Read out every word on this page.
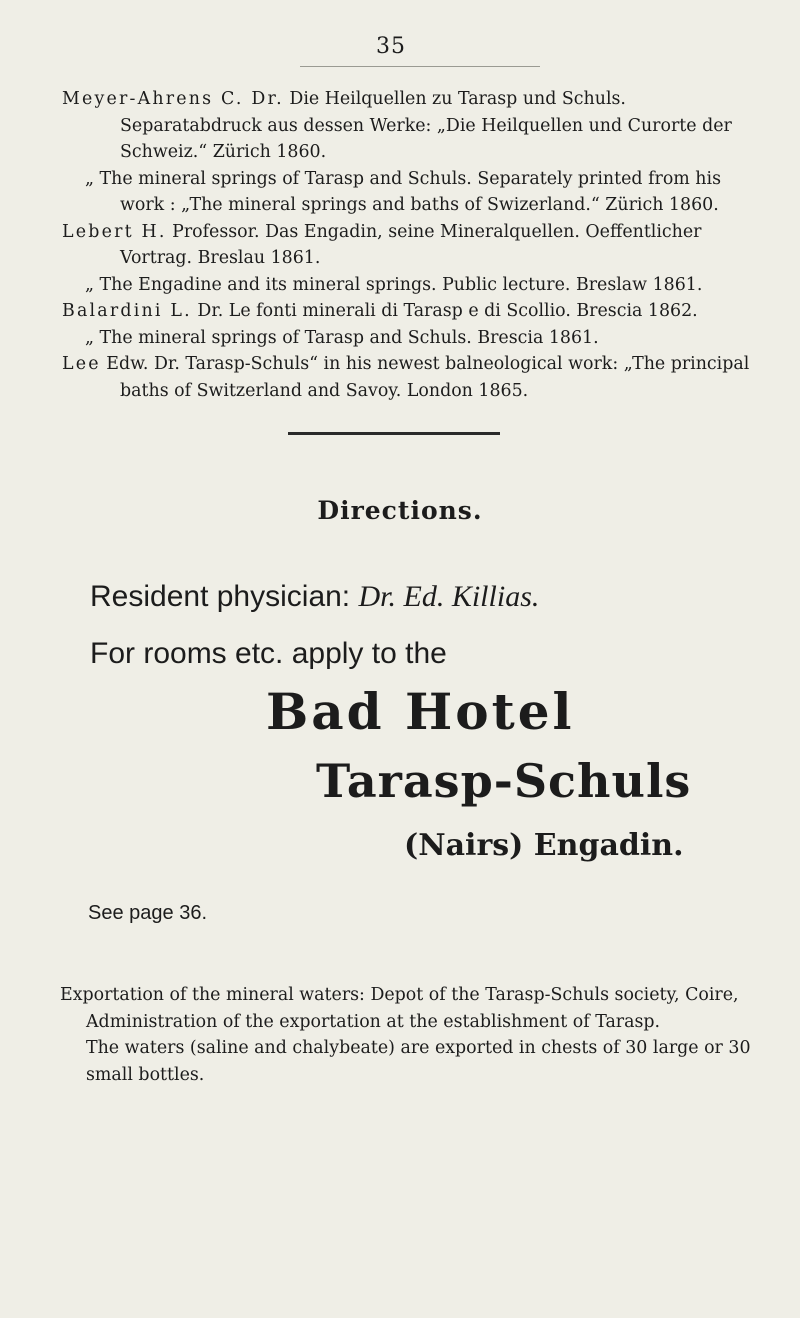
35
Meyer-Ahrens C. Dr. Die Heilquellen zu Tarasp und Schuls. Separatabdruck aus dessen Werke: „Die Heilquellen und Curorte der Schweiz.“ Zürich 1860.
„ The mineral springs of Tarasp and Schuls. Separately printed from his work : „The mineral springs and baths of Swizerland.“ Zürich 1860.
Lebert H. Professor. Das Engadin, seine Mineralquellen. Oeffentlicher Vortrag. Breslau 1861.
„ The Engadine and its mineral springs. Public lecture. Breslaw 1861.
Balardini L. Dr. Le fonti minerali di Tarasp e di Scollio. Brescia 1862.
„ The mineral springs of Tarasp and Schuls. Brescia 1861.
Lee Edw. Dr. Tarasp-Schuls“ in his newest balneological work: „The principal baths of Switzerland and Savoy. London 1865.
Directions.
Resident physician: Dr. Ed. Killias.
For rooms etc. apply to the
Bad Hotel
Tarasp-Schuls
(Nairs) Engadin.
See page 36.
Exportation of the mineral waters: Depot of the Tarasp-Schuls society, Coire, Administration of the exportation at the establishment of Tarasp.
The waters (saline and chalybeate) are exported in chests of 30 large or 30 small bottles.
